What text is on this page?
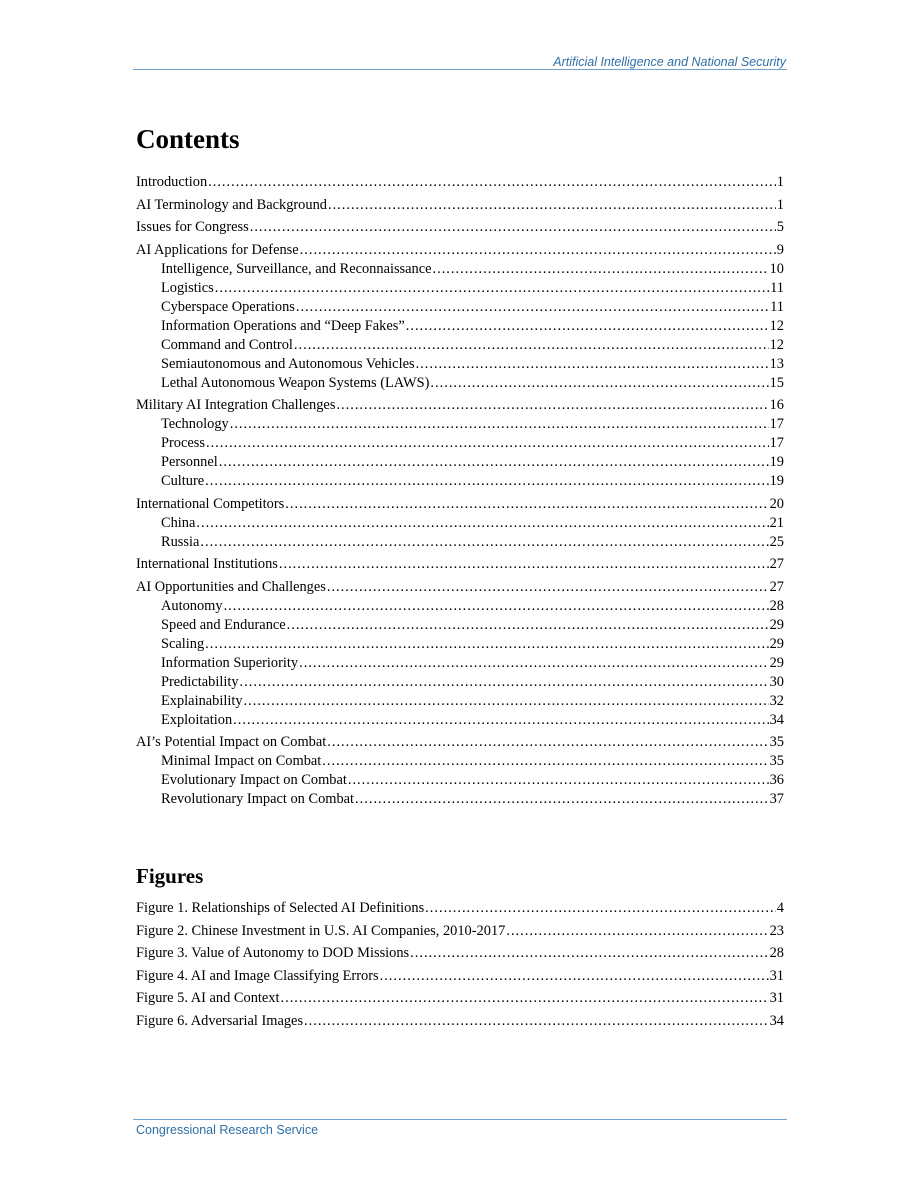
Artificial Intelligence and National Security
Contents
Introduction .....	1
AI Terminology and Background .....	1
Issues for Congress .....	5
AI Applications for Defense .....	9
Intelligence, Surveillance, and Reconnaissance .....	10
Logistics .....	11
Cyberspace Operations .....	11
Information Operations and “Deep Fakes” .....	12
Command and Control .....	12
Semiautonomous and Autonomous Vehicles .....	13
Lethal Autonomous Weapon Systems (LAWS) .....	15
Military AI Integration Challenges .....	16
Technology .....	17
Process .....	17
Personnel .....	19
Culture .....	19
International Competitors .....	20
China .....	21
Russia .....	25
International Institutions .....	27
AI Opportunities and Challenges .....	27
Autonomy .....	28
Speed and Endurance .....	29
Scaling .....	29
Information Superiority .....	29
Predictability .....	30
Explainability .....	32
Exploitation .....	34
AI’s Potential Impact on Combat .....	35
Minimal Impact on Combat .....	35
Evolutionary Impact on Combat .....	36
Revolutionary Impact on Combat .....	37
Figures
Figure 1. Relationships of Selected AI Definitions .....	4
Figure 2. Chinese Investment in U.S. AI Companies, 2010-2017 .....	23
Figure 3. Value of Autonomy to DOD Missions .....	28
Figure 4. AI and Image Classifying Errors .....	31
Figure 5. AI and Context .....	31
Figure 6. Adversarial Images .....	34
Congressional Research Service
